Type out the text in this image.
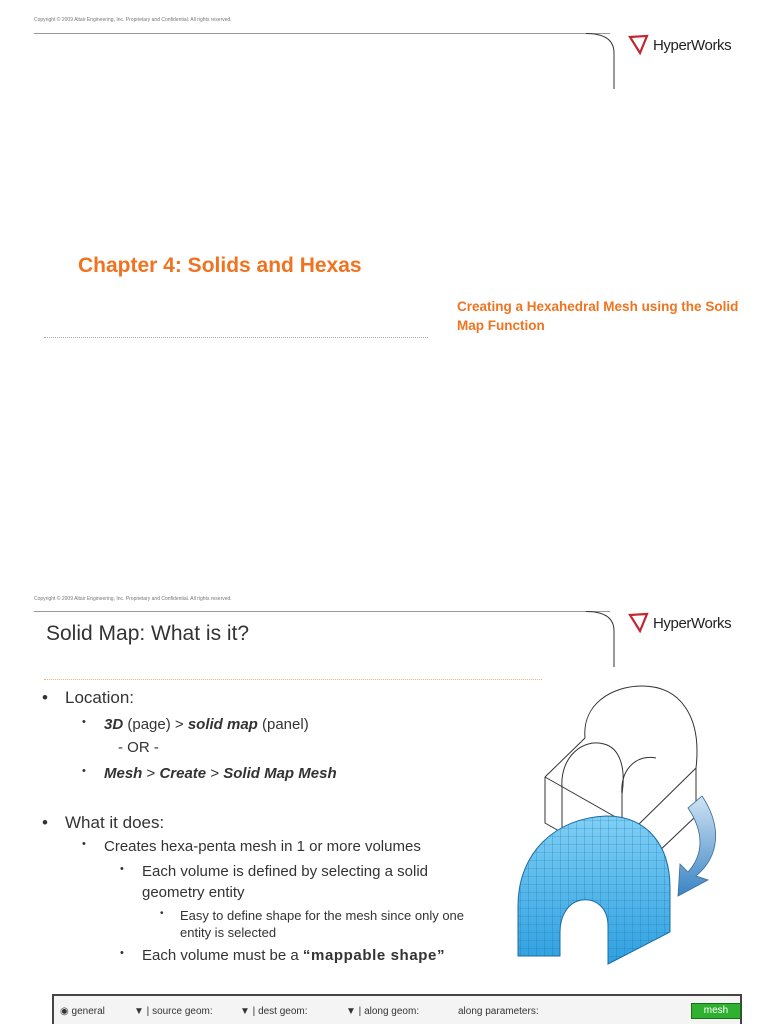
Copyright © 2009 Altair Engineering, Inc. Proprietary and Confidential. All rights reserved.
HyperWorks
Chapter 4: Solids and Hexas
Creating a Hexahedral Mesh using the Solid Map Function
Copyright © 2009 Altair Engineering, Inc. Proprietary and Confidential. All rights reserved.
HyperWorks
Solid Map: What is it?
• Location:
• 3D (page) > solid map (panel)
- OR -
• Mesh > Create > Solid Map Mesh
• What it does:
• Creates hexa-penta mesh in 1 or more volumes
• Each volume is defined by selecting a solid
geometry entity
• Easy to define shape for the mesh since only one
entity is selected
• Each volume must be a “mappable shape”
◉ general	▼ | source geom:	▼ | dest geom:	▼ | along geom:	along parameters:	mesh
